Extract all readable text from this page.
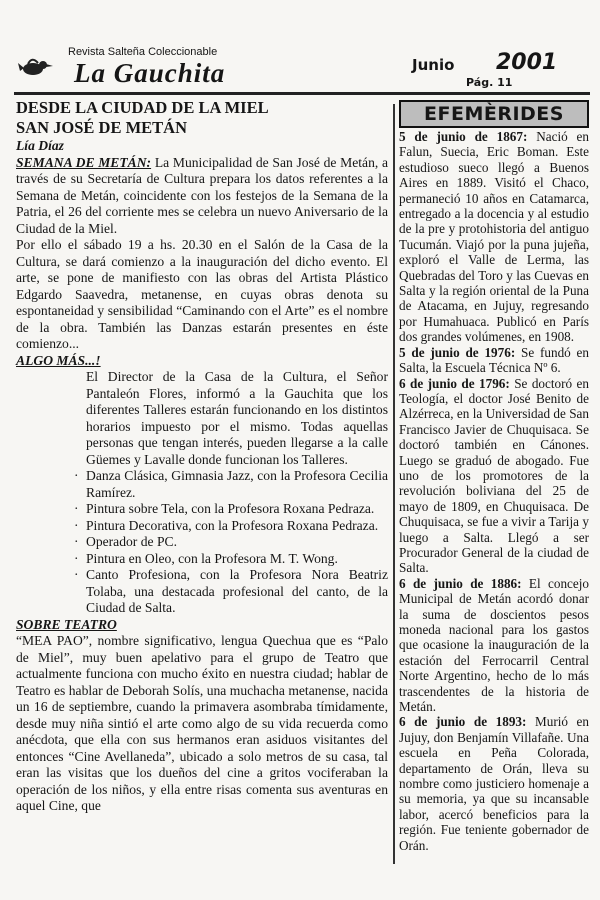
Revista Salteña Coleccionable
La Gauchita	Junio 2001
Pág. 11

DESDE LA CIUDAD DE LA MIEL

SAN JOSÉ DE METÁN

Lía Díaz

SEMANA DE METÁN: La Municipalidad de San José de Metán, a través de su Secretaría de Cultura prepara los datos referentes a la Semana de Metán, coincidente con los festejos de la Semana de la Patria, el 26 del corriente mes se celebra un nuevo Aniversario de la Ciudad de la Miel.

Por ello el sábado 19 a hs. 20.30 en el Salón de la Casa de la Cultura, se dará comienzo a la inauguración del dicho evento. El arte, se pone de manifiesto con las obras del Artista Plástico Edgardo Saavedra, metanense, en cuyas obras denota su espontaneidad y sensibilidad “Caminando con el Arte” es el nombre de la obra. También las Danzas estarán presentes en éste comienzo...

ALGO MÁS...!

El Director de la Casa de la Cultura, el Señor Pantaleón Flores, informó a la Gauchita que los diferentes Talleres estarán funcionando en los distintos horarios impuesto por el mismo. Todas aquellas personas que tengan interés, pueden llegarse a la calle Güemes y Lavalle donde funcionan los Talleres.

· Danza Clásica, Gimnasia Jazz, con la Profesora Cecilia Ramírez.
· Pintura sobre Tela, con la Profesora Roxana Pedraza.
· Pintura Decorativa, con la Profesora Roxana Pedraza.
· Operador de PC.
· Pintura en Oleo, con la Profesora M. T. Wong.
· Canto Profesiona, con la Profesora Nora Beatriz Tolaba, una destacada profesional del canto, de la Ciudad de Salta.

SOBRE TEATRO

“MEA PAO”, nombre significativo, lengua Quechua que es “Palo de Miel”, muy buen apelativo para el grupo de Teatro que actualmente funciona con mucho éxito en nuestra ciudad; hablar de Teatro es hablar de Deborah Solís, una muchacha metanense, nacida un 16 de septiembre, cuando la primavera asombraba tímidamente, desde muy niña sintió el arte como algo de su vida recuerda como anécdota, que ella con sus hermanos eran asiduos visitantes del entonces “Cine Avellaneda”, ubicado a solo metros de su casa, tal eran las visitas que los dueños del cine a gritos vociferaban la operación de los niños, y ella entre risas comenta sus aventuras en aquel Cine, que

EFEMÈRIDES

5 de junio de 1867: Nació en Falun, Suecia, Eric Boman. Este estudioso sueco llegó a Buenos Aires en 1889. Visitó el Chaco, permaneció 10 años en Catamarca, entregado a la docencia y al estudio de la pre y protohistoria del antiguo Tucumán. Viajó por la puna jujeña, exploró el Valle de Lerma, las Quebradas del Toro y las Cuevas en Salta y la región oriental de la Puna de Atacama, en Jujuy, regresando por Humahuaca. Publicó en París dos grandes volúmenes, en 1908.

5 de junio de 1976: Se fundó en Salta, la Escuela Técnica Nº 6.

6 de junio de 1796: Se doctoró en Teología, el doctor José Benito de Alzérreca, en la Universidad de San Francisco Javier de Chuquisaca. Se doctoró también en Cánones. Luego se graduó de abogado. Fue uno de los promotores de la revolución boliviana del 25 de mayo de 1809, en Chuquisaca. De Chuquisaca, se fue a vivir a Tarija y luego a Salta. Llegó a ser Procurador General de la ciudad de Salta.

6 de junio de 1886: El concejo Municipal de Metán acordó donar la suma de doscientos pesos moneda nacional para los gastos que ocasione la inauguración de la estación del Ferrocarril Central Norte Argentino, hecho de lo más trascendentes de la historia de Metán.

6 de junio de 1893: Murió en Jujuy, don Benjamín Villafañe. Una escuela en Peña Colorada, departamento de Orán, lleva su nombre como justiciero homenaje a su memoria, ya que su incansable labor, acercó beneficios para la región. Fue teniente gobernador de Orán.
